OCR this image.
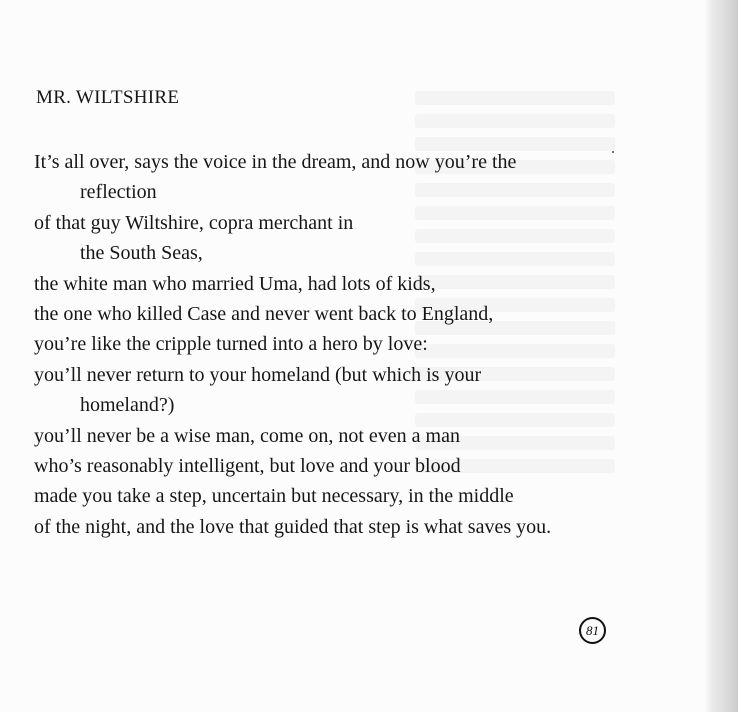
MR. WILTSHIRE
It’s all over, says the voice in the dream, and now you’re the
reflection
of that guy Wiltshire, copra merchant in
the South Seas,
the white man who married Uma, had lots of kids,
the one who killed Case and never went back to England,
you’re like the cripple turned into a hero by love:
you’ll never return to your homeland (but which is your
homeland?)
you’ll never be a wise man, come on, not even a man
who’s reasonably intelligent, but love and your blood
made you take a step, uncertain but necessary, in the middle
of the night, and the love that guided that step is what saves you.
81
